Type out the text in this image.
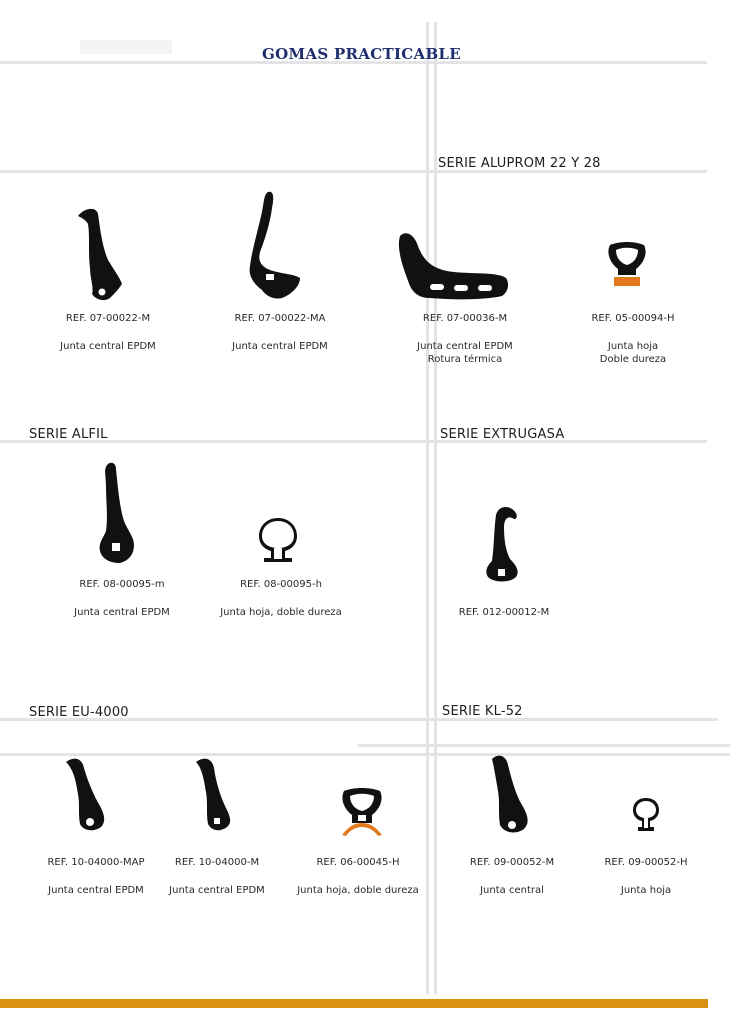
GOMAS PRACTICABLE
SERIE ALUPROM 22 Y 28
SERIE ALFIL	SERIE EXTRUGASA
SERIE EU-4000	SERIE KL-52
REF. 07-00022-M
Junta central EPDM
REF. 07-00022-MA
Junta central EPDM
REF. 07-00036-M
Junta central EPDM
Rotura térmica
REF. 05-00094-H
Junta hoja
Doble dureza
REF. 08-00095-m
Junta central EPDM
REF. 08-00095-h
Junta hoja, doble dureza	REF. 012-00012-M
REF. 10-04000-MAP
Junta central EPDM
REF. 10-04000-M
Junta central EPDM
REF. 06-00045-H
Junta hoja, doble dureza
REF. 09-00052-M
Junta central
REF. 09-00052-H
Junta hoja
